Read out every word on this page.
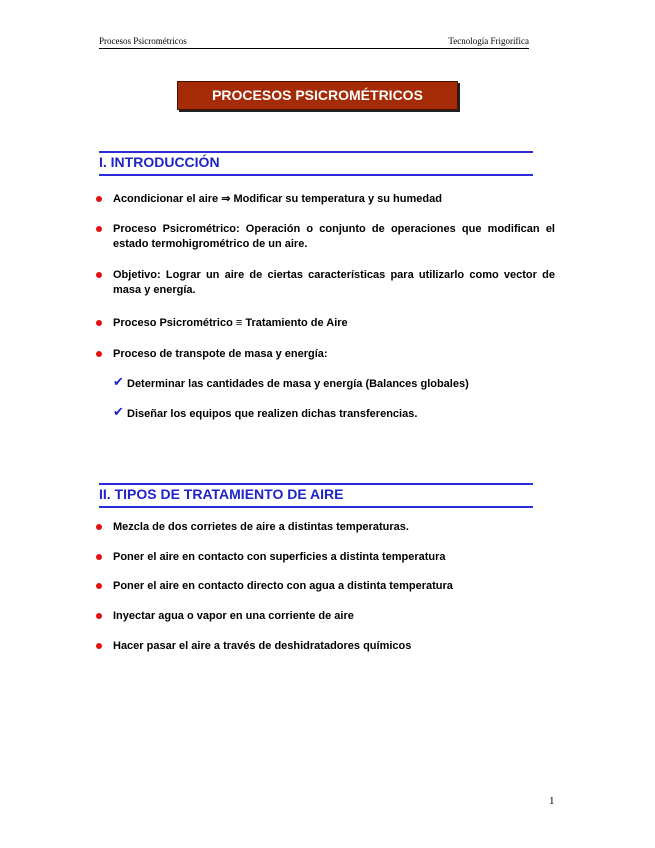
Procesos Psicrométricos	Tecnología Frigorífica
PROCESOS PSICROMÉTRICOS
I. INTRODUCCIÓN
Acondicionar el aire ⇒ Modificar su temperatura y su humedad
Proceso Psicrométrico: Operación o conjunto de operaciones que modifican el estado termohigrométrico de un aire.
Objetivo: Lograr un aire de ciertas características para utilizarlo como vector de masa y energía.
Proceso Psicrométrico ≡ Tratamiento de Aire
Proceso de transpote de masa y energía:
✔ Determinar las cantidades de masa y energía (Balances globales)
✔ Diseñar los equipos que realizen dichas transferencias.
II. TIPOS DE TRATAMIENTO DE AIRE
Mezcla de dos corrietes de aire a distintas temperaturas.
Poner el aire en contacto con superficies a distinta temperatura
Poner el aire en contacto directo con agua a distinta temperatura
Inyectar agua o vapor en una corriente de aire
Hacer pasar el aire a través de deshidratadores químicos
1
